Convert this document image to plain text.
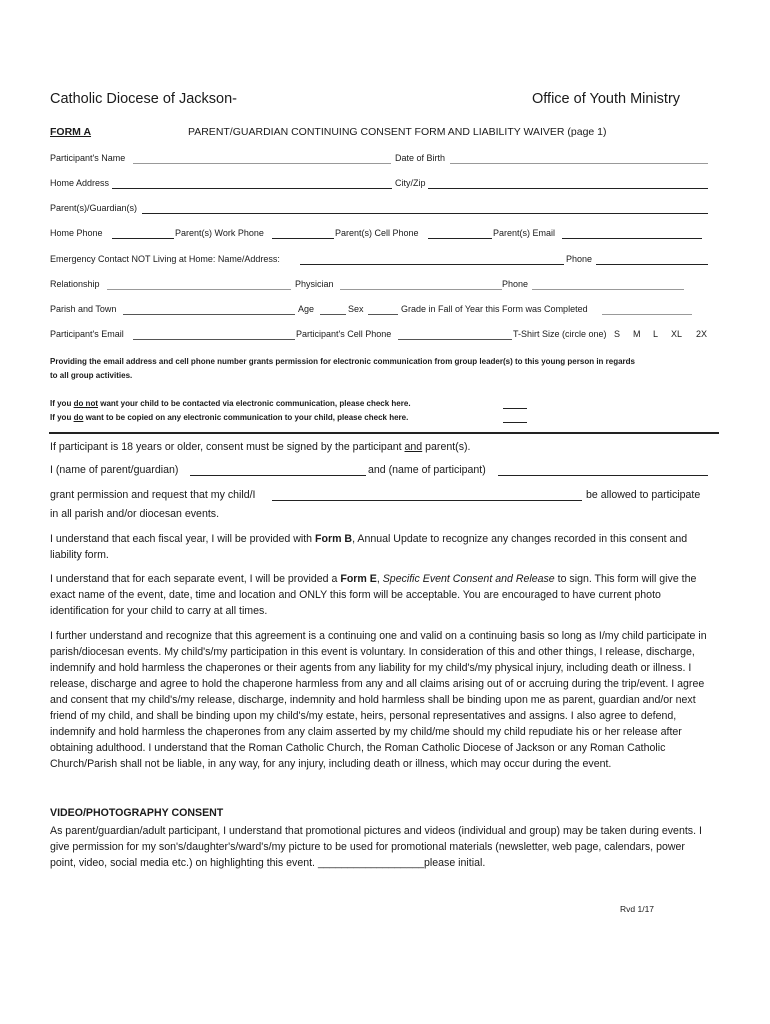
Catholic Diocese of Jackson-	Office of Youth Ministry
FORM A	PARENT/GUARDIAN CONTINUING CONSENT FORM AND LIABILITY WAIVER (page 1)
Participant's Name	Date of Birth
Home Address	City/Zip
Parent(s)/Guardian(s)
Home Phone	Parent(s) Work Phone	Parent(s) Cell Phone	Parent(s) Email
Emergency Contact NOT Living at Home: Name/Address:	Phone
Relationship	Physician	Phone
Parish and Town	Age	Sex	Grade in Fall of Year this Form was Completed
Participant's Email	Participant's Cell Phone	T-Shirt Size (circle one) S M L XL 2X
Providing the email address and cell phone number grants permission for electronic communication from group leader(s) to this young person in regards
to all group activities.
If you do not want your child to be contacted via electronic communication, please check here.
If you do want to be copied on any electronic communication to your child, please check here.
If participant is 18 years or older, consent must be signed by the participant and parent(s).
I (name of parent/guardian)	and (name of participant)
grant permission and request that my child/I	be allowed to participate
in all parish and/or diocesan events.

I understand that each fiscal year, I will be provided with Form B, Annual Update to recognize any changes recorded in this consent and liability form.

I understand that for each separate event, I will be provided a Form E, Specific Event Consent and Release to sign. This form will give the exact name of the event, date, time and location and ONLY this form will be acceptable. You are encouraged to have current photo identification for your child to carry at all times.

I further understand and recognize that this agreement is a continuing one and valid on a continuing basis so long as I/my child participate in parish/diocesan events. My child's/my participation in this event is voluntary. In consideration of this and other things, I release, discharge, indemnify and hold harmless the chaperones or their agents from any liability for my child's/my physical injury, including death or illness. I release, discharge and agree to hold the chaperone harmless from any and all claims arising out of or accruing during the trip/event. I agree and consent that my child's/my release, discharge, indemnity and hold harmless shall be binding upon me as parent, guardian and/or next friend of my child, and shall be binding upon my child's/my estate, heirs, personal representatives and assigns. I also agree to defend, indemnify and hold harmless the chaperones from any claim asserted by my child/me should my child repudiate his or her release after obtaining adulthood. I understand that the Roman Catholic Church, the Roman Catholic Diocese of Jackson or any Roman Catholic Church/Parish shall not be liable, in any way, for any injury, including death or illness, which may occur during the event.

VIDEO/PHOTOGRAPHY CONSENT

As parent/guardian/adult participant, I understand that promotional pictures and videos (individual and group) may be taken during events. I give permission for my son's/daughter's/ward's/my picture to be used for promotional materials (newsletter, web page, calendars, power point, video, social media etc.) on highlighting this event. __________________please initial.

Rvd 1/17
